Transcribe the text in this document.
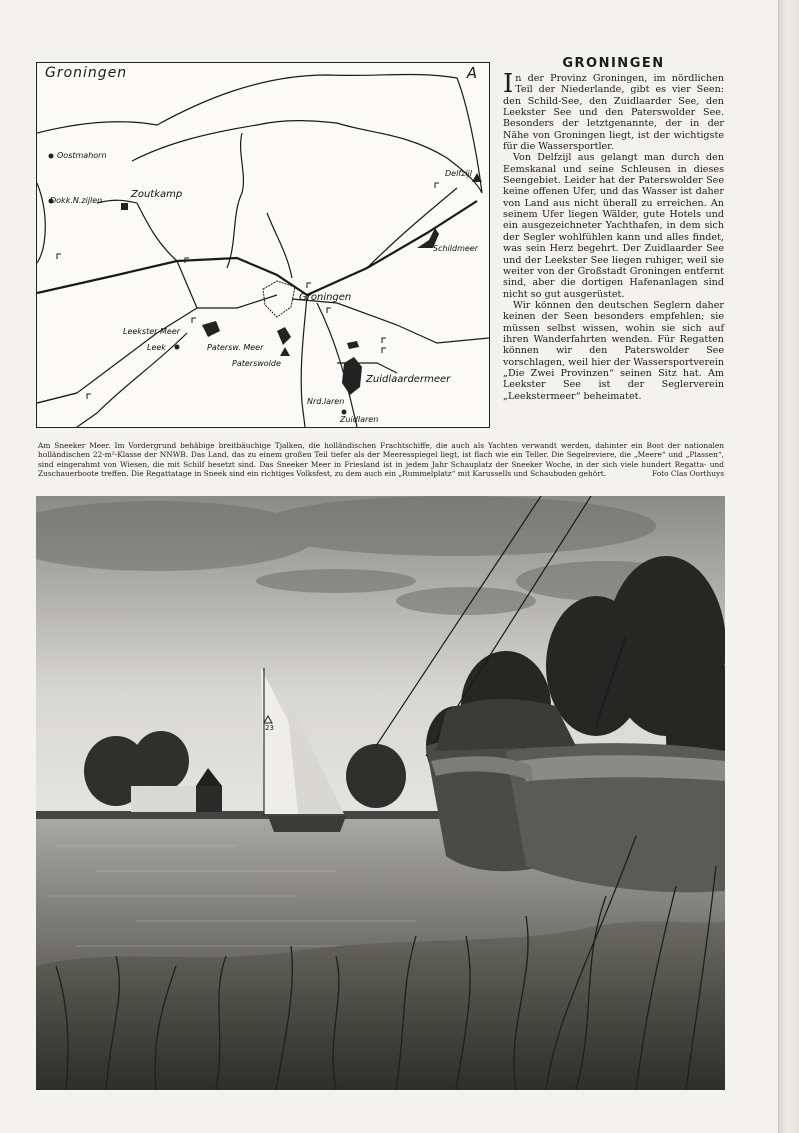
Groningen	A
Oostmahorn
Dokk.N.zijlen
Zoutkamp
Delfzijl
Schildmeer
Groningen
Leekster Meer
Leek	Patersw. Meer
Paterswolde
Zuidlaardermeer
Nrd.laren
Zuidlaren
GRONINGEN

In der Provinz Groningen, im nördlichen Teil der Niederlande, gibt es vier Seen: den Schild-See, den Zuidlaarder See, den Leekster See und den Paterswolder See. Besonders der letztgenannte, der in der Nähe von Groningen liegt, ist der wichtigste für die Wassersportler.

Von Delfzijl aus gelangt man durch den Eemskanal und seine Schleusen in dieses Seengebiet. Leider hat der Paterswolder See keine offenen Ufer, und das Wasser ist daher von Land aus nicht überall zu erreichen. An seinem Ufer liegen Wälder, gute Hotels und ein ausgezeichneter Yachthafen, in dem sich der Segler wohlfühlen kann und alles findet, was sein Herz begehrt. Der Zuidlaarder See und der Leekster See liegen ruhiger, weil sie weiter von der Großstadt Groningen entfernt sind, aber die dortigen Hafenanlagen sind nicht so gut ausgerüstet.

Wir können den deutschen Seglern daher keinen der Seen besonders empfehlen; sie müssen selbst wissen, wohin sie sich auf ihren Wanderfahrten wenden. Für Regatten können wir den Paterswolder See vorschlagen, weil hier der Wassersportverein „Die Zwei Provinzen“ seinen Sitz hat. Am Leekster See ist der Seglerverein „Leekstermeer“ beheimatet.

Am Sneeker Meer. Im Vordergrund behäbige breitbäuchige Tjalken, die holländischen Frachtschiffe, die auch als Yachten verwandt werden, dahinter ein Boot der nationalen holländischen 22-m²-Klasse der NNWB. Das Land, das zu einem großen Teil tiefer als der Meeresspiegel liegt, ist flach wie ein Teller. Die Segelreviere, die „Meere“ und „Plassen“, sind eingerahmt von Wiesen, die mit Schilf besetzt sind. Das Sneeker Meer in Friesland ist in jedem Jahr Schauplatz der Sneeker Woche, in der sich viele hundert Regatta- und Zuschauerboote treffen. Die Regattatage in Sneek sind ein richtiges Volksfest, zu dem auch ein „Rummelplatz“ mit Karussells und Schaubuden gehört.	Foto Clas Oorthuys
23
